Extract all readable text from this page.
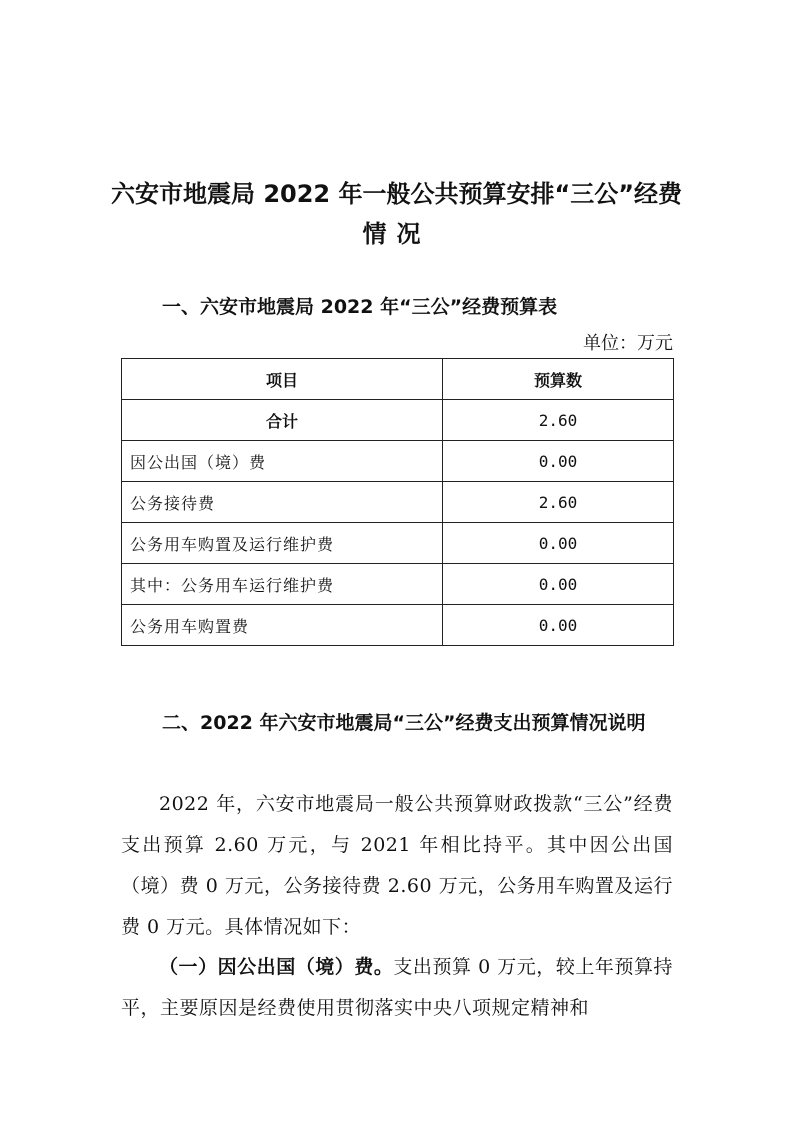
六安市地震局 2022 年一般公共预算安排“三公”经费
情况
一、六安市地震局 2022 年“三公”经费预算表
单位：万元
项目	预算数
合计	2.60
因公出国（境）费	0.00
公务接待费	2.60
公务用车购置及运行维护费	0.00
其中：公务用车运行维护费	0.00
公务用车购置费	0.00
二、2022 年六安市地震局“三公”经费支出预算情况说明

2022 年，六安市地震局一般公共预算财政拨款“三公”经费支出预算 2.60 万元，与 2021 年相比持平。其中因公出国（境）费 0 万元，公务接待费 2.60 万元，公务用车购置及运行费 0 万元。具体情况如下：

（一）因公出国（境）费。支出预算 0 万元，较上年预算持平，主要原因是经费使用贯彻落实中央八项规定精神和
